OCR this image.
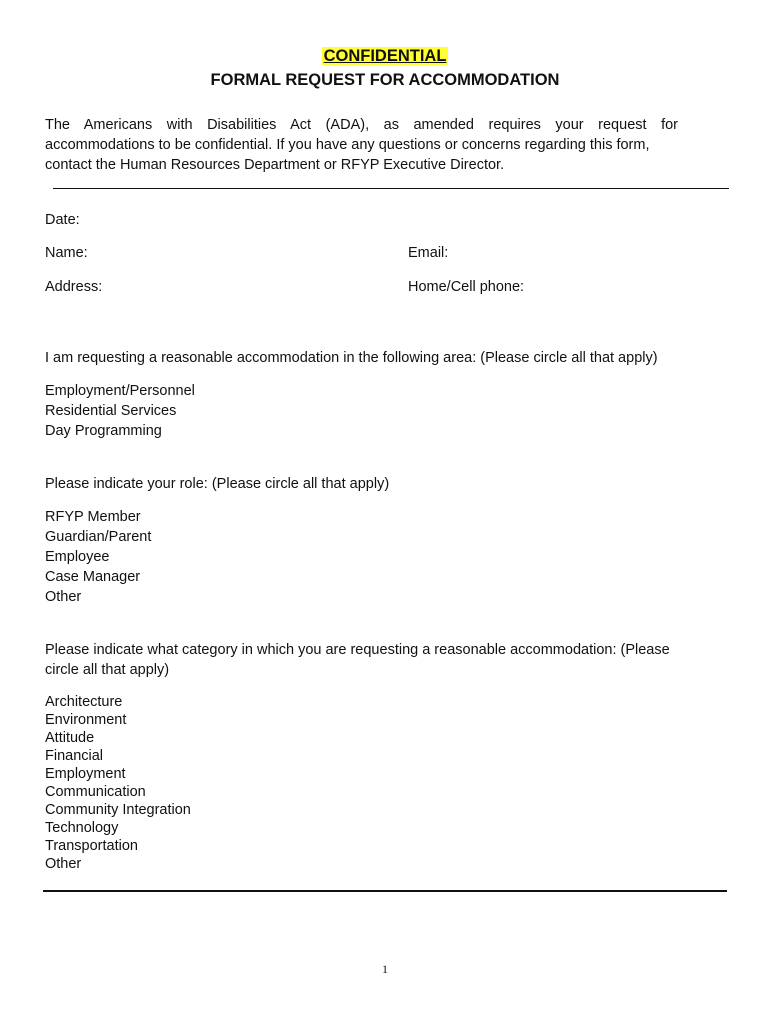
CONFIDENTIAL
FORMAL REQUEST FOR ACCOMMODATION
The Americans with Disabilities Act (ADA), as amended requires your request for
accommodations to be confidential. If you have any questions or concerns regarding this form,
contact the Human Resources Department or RFYP Executive Director.
Date:
Name:	Email:
Address:	Home/Cell phone:
I am requesting a reasonable accommodation in the following area: (Please circle all that apply)
Employment/Personnel
Residential Services
Day Programming
Please indicate your role: (Please circle all that apply)
RFYP Member
Guardian/Parent
Employee
Case Manager
Other
Please indicate what category in which you are requesting a reasonable accommodation: (Please
circle all that apply)
Architecture
Environment
Attitude
Financial
Employment
Communication
Community Integration
Technology
Transportation
Other
1
